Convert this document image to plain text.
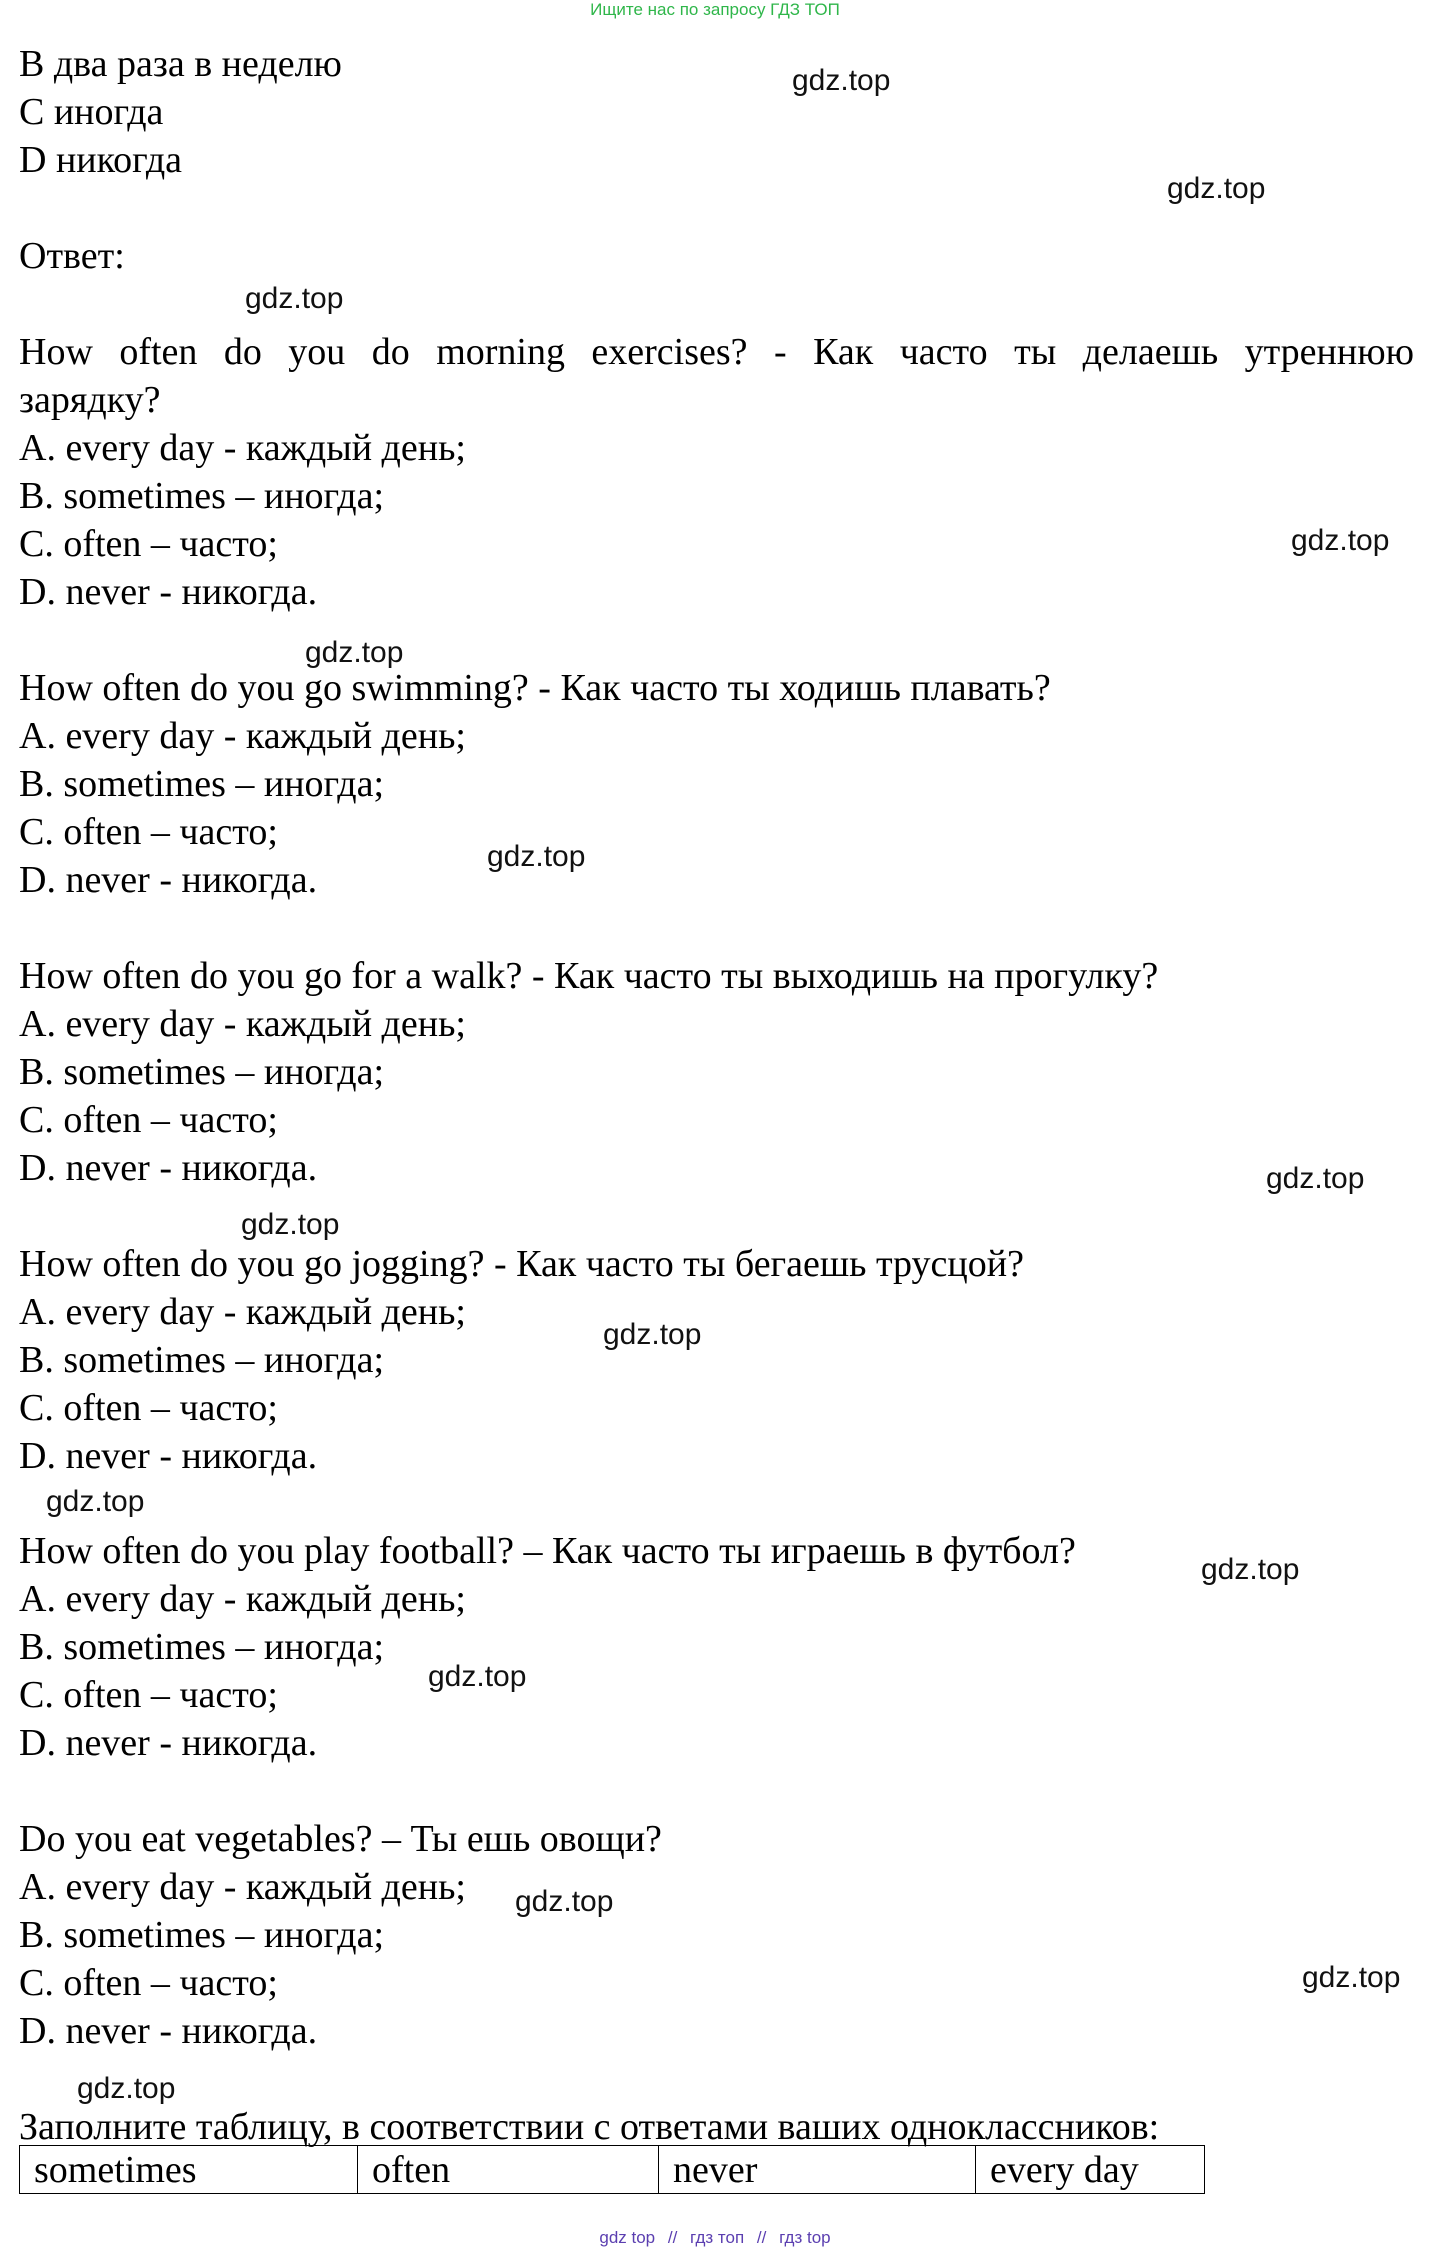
Ищите нас по запросу ГДЗ ТОП
B два раза в неделю
C иногда
D никогда
Ответ:
How often do you do morning exercises? - Как часто ты делаешь утреннюю
зарядку?
A. every day - каждый день;
B. sometimes – иногда;
C. often – часто;
D. never - никогда.
How often do you go swimming? - Как часто ты ходишь плавать?
A. every day - каждый день;
B. sometimes – иногда;
C. often – часто;
D. never - никогда.
How often do you go for a walk? - Как часто ты выходишь на прогулку?
A. every day - каждый день;
B. sometimes – иногда;
C. often – часто;
D. never - никогда.
How often do you go jogging? - Как часто ты бегаешь трусцой?
A. every day - каждый день;
B. sometimes – иногда;
C. often – часто;
D. never - никогда.
How often do you play football? – Как часто ты играешь в футбол?
A. every day - каждый день;
B. sometimes – иногда;
C. often – часто;
D. never - никогда.
Do you eat vegetables? – Ты ешь овощи?
A. every day - каждый день;
B. sometimes – иногда;
C. often – часто;
D. never - никогда.
Заполните таблицу, в соответствии с ответами ваших одноклассников:
sometimes	often	never	every day
gdz.top
gdz.top
gdz.top
gdz.top
gdz.top
gdz.top
gdz.top
gdz.top
gdz.top
gdz.top
gdz.top
gdz.top
gdz.top
gdz.top
gdz.top
gdz top // гдз топ // гдз top
